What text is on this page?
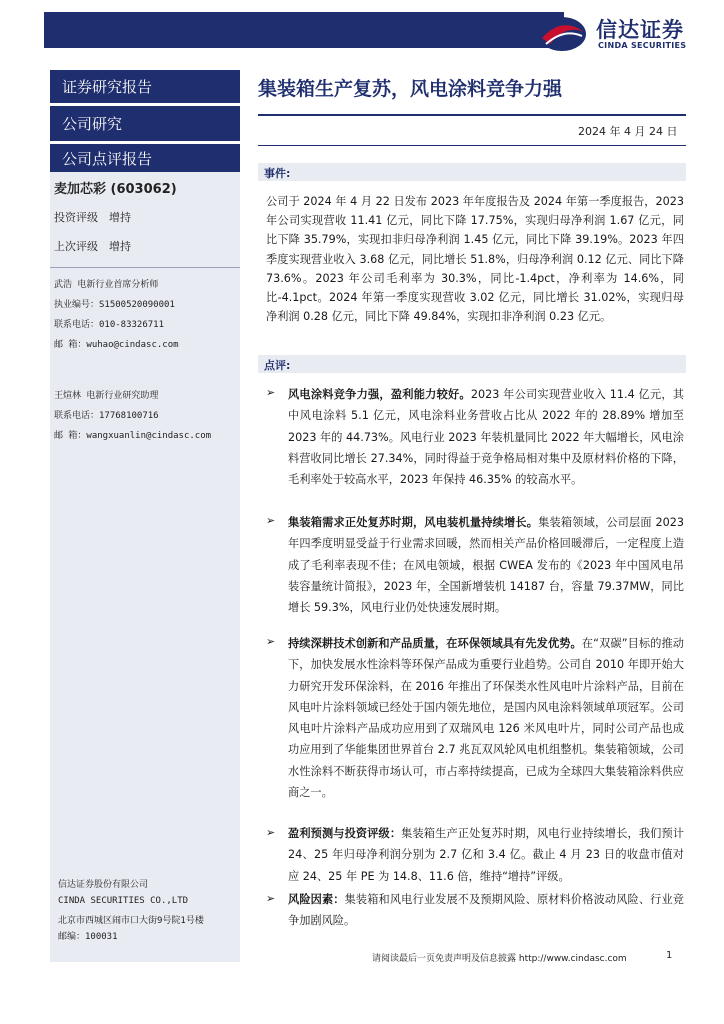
信达证券
CINDA SECURITIES
证券研究报告
公司研究
公司点评报告
麦加芯彩 (603062)
投资评级 增持
上次评级 增持
武浩 电新行业首席分析师
执业编号：S1500520090001
联系电话：010-83326711
邮 箱：wuhao@cindasc.com
王煊林 电新行业研究助理
联系电话：17768100716
邮 箱：wangxuanlin@cindasc.com
信达证券股份有限公司
CINDA SECURITIES CO.,LTD
北京市西城区闹市口大街9号院1号楼
邮编：100031
集装箱生产复苏，风电涂料竞争力强
2024 年 4 月 24 日
事件:
公司于 2024 年 4 月 22 日发布 2023 年年度报告及 2024 年第一季度报告，2023 年公司实现营收 11.41 亿元，同比下降 17.75%，实现归母净利润 1.67 亿元，同比下降 35.79%，实现扣非归母净利润 1.45 亿元，同比下降 39.19%。2023 年四季度实现营业收入 3.68 亿元，同比增长 51.8%，归母净利润 0.12 亿元、同比下降 73.6%。2023 年公司毛利率为 30.3%，同比-1.4pct，净利率为 14.6%，同比-4.1pct。2024 年第一季度实现营收 3.02 亿元，同比增长 31.02%，实现归母净利润 0.28 亿元，同比下降 49.84%，实现扣非净利润 0.23 亿元。
点评:
➢ 风电涂料竞争力强，盈利能力较好。2023 年公司实现营业收入 11.4 亿元，其中风电涂料 5.1 亿元，风电涂料业务营收占比从 2022 年的 28.89% 增加至 2023 年的 44.73%。风电行业 2023 年装机量同比 2022 年大幅增长，风电涂料营收同比增长 27.34%，同时得益于竞争格局相对集中及原材料价格的下降，毛利率处于较高水平，2023 年保持 46.35% 的较高水平。
➢ 集装箱需求正处复苏时期，风电装机量持续增长。集装箱领域，公司层面 2023 年四季度明显受益于行业需求回暖，然而相关产品价格回暖滞后，一定程度上造成了毛利率表现不佳；在风电领域，根据 CWEA 发布的《2023 年中国风电吊装容量统计简报》，2023 年，全国新增装机 14187 台，容量 79.37MW，同比增长 59.3%，风电行业仍处快速发展时期。
➢ 持续深耕技术创新和产品质量，在环保领域具有先发优势。在“双碳”目标的推动下，加快发展水性涂料等环保产品成为重要行业趋势。公司自 2010 年即开始大力研究开发环保涂料，在 2016 年推出了环保类水性风电叶片涂料产品，目前在风电叶片涂料领域已经处于国内领先地位，是国内风电涂料领域单项冠军。公司风电叶片涂料产品成功应用到了双瑞风电 126 米风电叶片，同时公司产品也成功应用到了华能集团世界首台 2.7 兆瓦双风轮风电机组整机。集装箱领域，公司水性涂料不断获得市场认可，市占率持续提高，已成为全球四大集装箱涂料供应商之一。
➢ 盈利预测与投资评级：集装箱生产正处复苏时期，风电行业持续增长，我们预计 24、25 年归母净利润分别为 2.7 亿和 3.4 亿。截止 4 月 23 日的收盘市值对应 24、25 年 PE 为 14.8、11.6 倍，维持“增持”评级。
➢ 风险因素：集装箱和风电行业发展不及预期风险、原材料价格波动风险、行业竞争加剧风险。
请阅读最后一页免责声明及信息披露 http://www.cindasc.com	1
